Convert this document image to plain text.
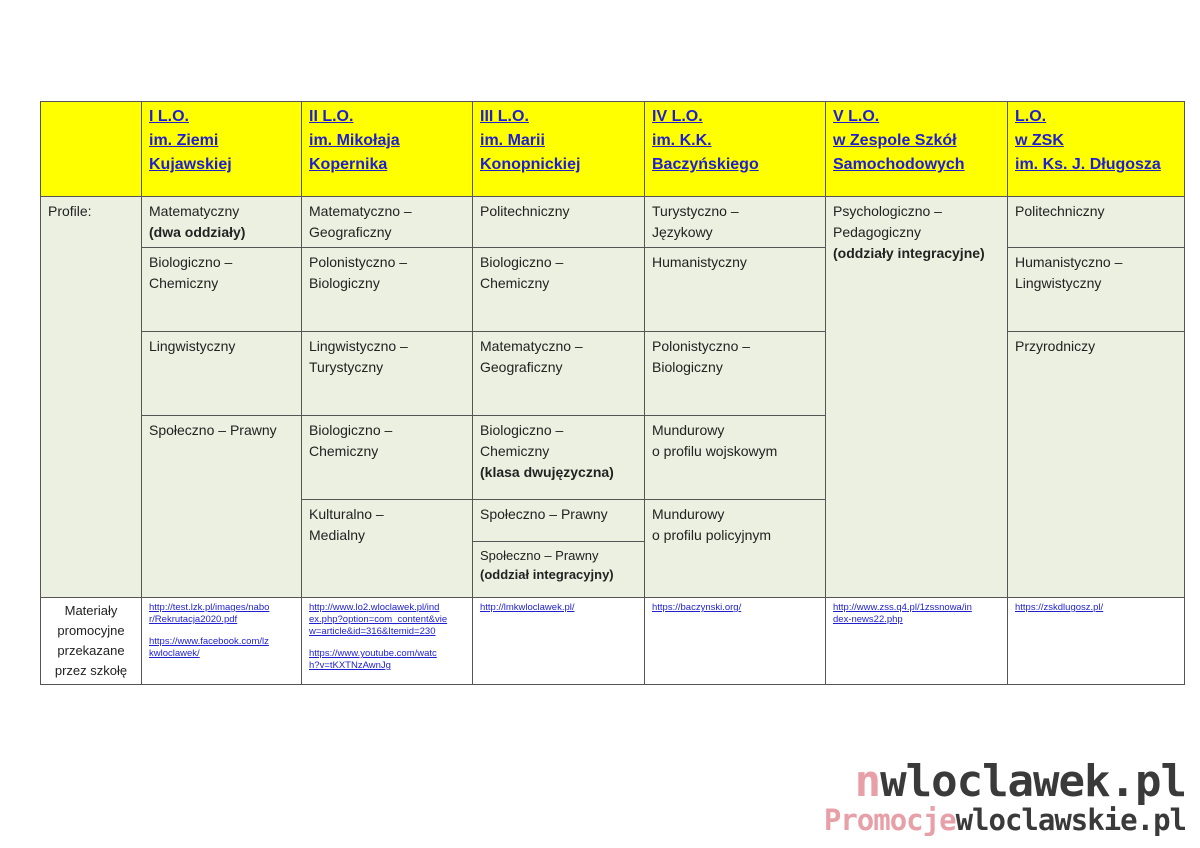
	I L.O.
im. Ziemi
Kujawskiej	II L.O.
im. Mikołaja
Kopernika	III L.O.
im. Marii
Konopnickiej	IV L.O.
im. K.K.
Baczyńskiego	V L.O.
w Zespole Szkół
Samochodowych	L.O.
w ZSK
im. Ks. J. Długosza

Profile:	Matematyczny
(dwa oddziały)	Matematyczno –
Geograficzny	Politechniczny	Turystyczno –
Językowy	Psychologiczno –
Pedagogiczny
(oddziały integracyjne)	Politechniczny

	Biologiczno –
Chemiczny	Polonistyczno –
Biologiczny	Biologiczno –
Chemiczny	Humanistyczny		Humanistyczno –
Lingwistyczny

	Lingwistyczny	Lingwistyczno –
Turystyczny	Matematyczno –
Geograficzny	Polonistyczno –
Biologiczny		Przyrodniczy

	Społeczno – Prawny	Biologiczno –
Chemiczny	Biologiczno –
Chemiczny
(klasa dwujęzyczna)	Mundurowy
o profilu wojskowym		

		Kulturalno –
Medialny	Społeczno – Prawny	Mundurowy
o profilu policyjnym		

			Społeczno – Prawny
(oddział integracyjny)			

Materiały
promocyjne
przekazane
przez szkołę	http://test.lzk.pl/images/nabo
r/Rekrutacja2020.pdf
https://www.facebook.com/lz
kwloclawek/	http://www.lo2.wloclawek.pl/ind
ex.php?option=com_content&vie
w=article&id=316&Itemid=230
https://www.youtube.com/watc
h?v=tKXTNzAwnJg	http://lmkwloclawek.pl/	https://baczynski.org/	http://www.zss.q4.pl/1zssnowa/in
dex-news22.php	https://zskdlugosz.pl/
nwloclawek.pl
Promocjewloclawskie.pl
